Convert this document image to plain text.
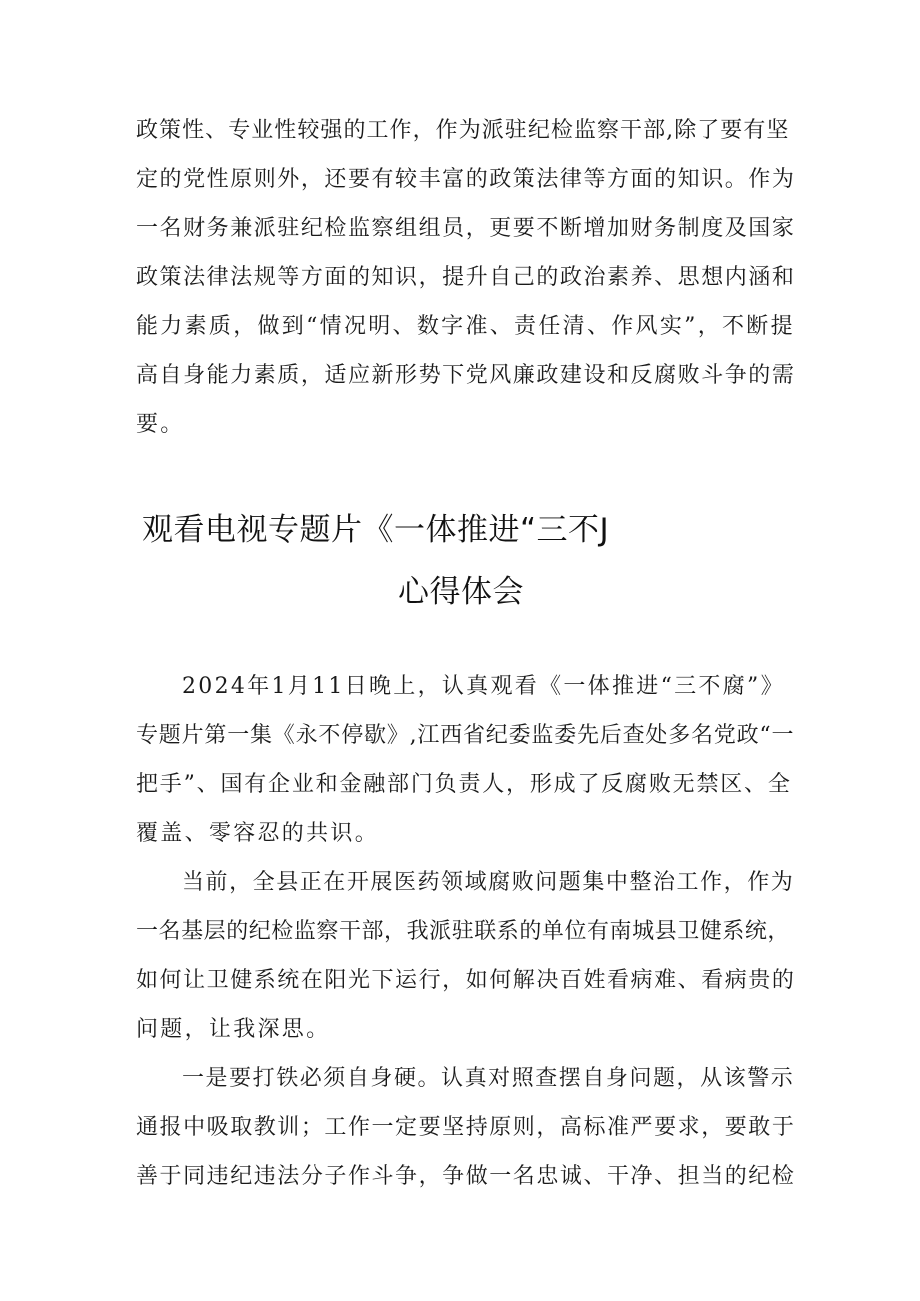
政策性、专业性较强的工作，作为派驻纪检监察干部,除了要有坚
定的党性原则外，还要有较丰富的政策法律等方面的知识。作为
一名财务兼派驻纪检监察组组员，更要不断增加财务制度及国家
政策法律法规等方面的知识，提升自己的政治素养、思想内涵和
能力素质，做到“情况明、数字准、责任清、作风实”，不断提
高自身能力素质，适应新形势下党风廉政建设和反腐败斗争的需
要。
观看电视专题片《一体推进“三不J
心得体会
2024年1月11日晚上，认真观看《一体推进“三不腐”》
专题片第一集《永不停歇》,江西省纪委监委先后查处多名党政“一
把手”、国有企业和金融部门负责人，形成了反腐败无禁区、全
覆盖、零容忍的共识。
当前，全县正在开展医药领域腐败问题集中整治工作，作为
一名基层的纪检监察干部，我派驻联系的单位有南城县卫健系统，
如何让卫健系统在阳光下运行，如何解决百姓看病难、看病贵的
问题，让我深思。
一是要打铁必须自身硬。认真对照查摆自身问题，从该警示
通报中吸取教训；工作一定要坚持原则，高标准严要求，要敢于
善于同违纪违法分子作斗争，争做一名忠诚、干净、担当的纪检
